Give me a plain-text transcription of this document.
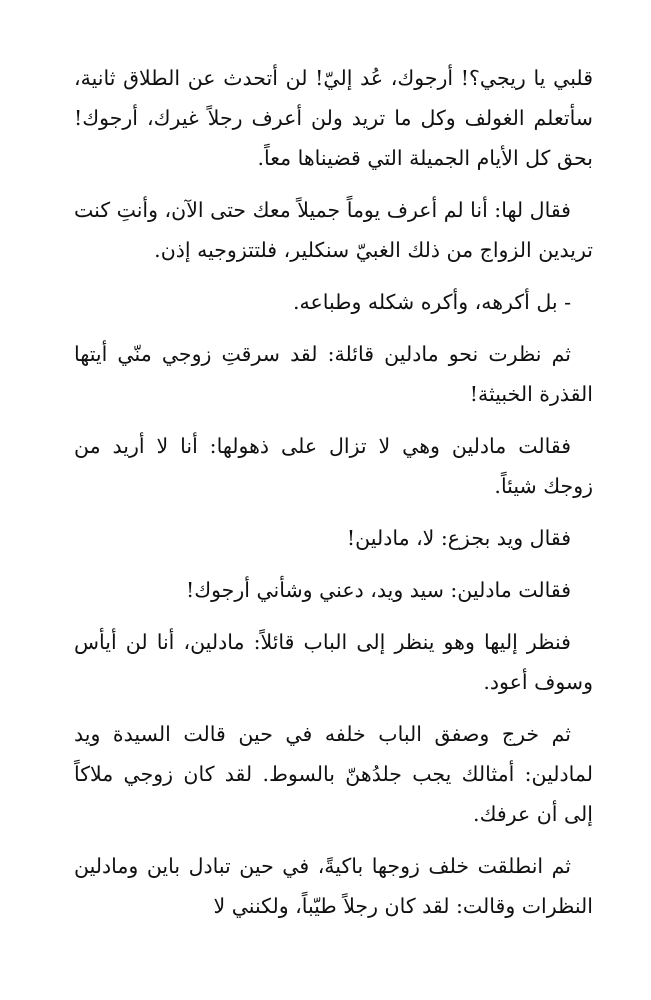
قلبي يا ريجي؟! أرجوك، عُد إليّ! لن أتحدث عن الطلاق ثانية، سأتعلم الغولف وكل ما تريد ولن أعرف رجلاً غيرك، أرجوك! بحق كل الأيام الجميلة التي قضيناها معاً.

فقال لها: أنا لم أعرف يوماً جميلاً معك حتى الآن، وأنتِ كنت تريدين الزواج من ذلك الغبيّ سنكلير، فلتتزوجيه إذن.

- بل أكرهه، وأكره شكله وطباعه.

ثم نظرت نحو مادلين قائلة: لقد سرقتِ زوجي منّي أيتها القذرة الخبيثة!

فقالت مادلين وهي لا تزال على ذهولها: أنا لا أريد من زوجك شيئاً.

فقال ويد بجزع: لا، مادلين!

فقالت مادلين: سيد ويد، دعني وشأني أرجوك!

فنظر إليها وهو ينظر إلى الباب قائلاً: مادلين، أنا لن أيأس وسوف أعود.

ثم خرج وصفق الباب خلفه في حين قالت السيدة ويد لمادلين: أمثالك يجب جلدُهنّ بالسوط. لقد كان زوجي ملاكاً إلى أن عرفك.

ثم انطلقت خلف زوجها باكيةً، في حين تبادل باين ومادلين النظرات وقالت: لقد كان رجلاً طيّباً، ولكنني لا
